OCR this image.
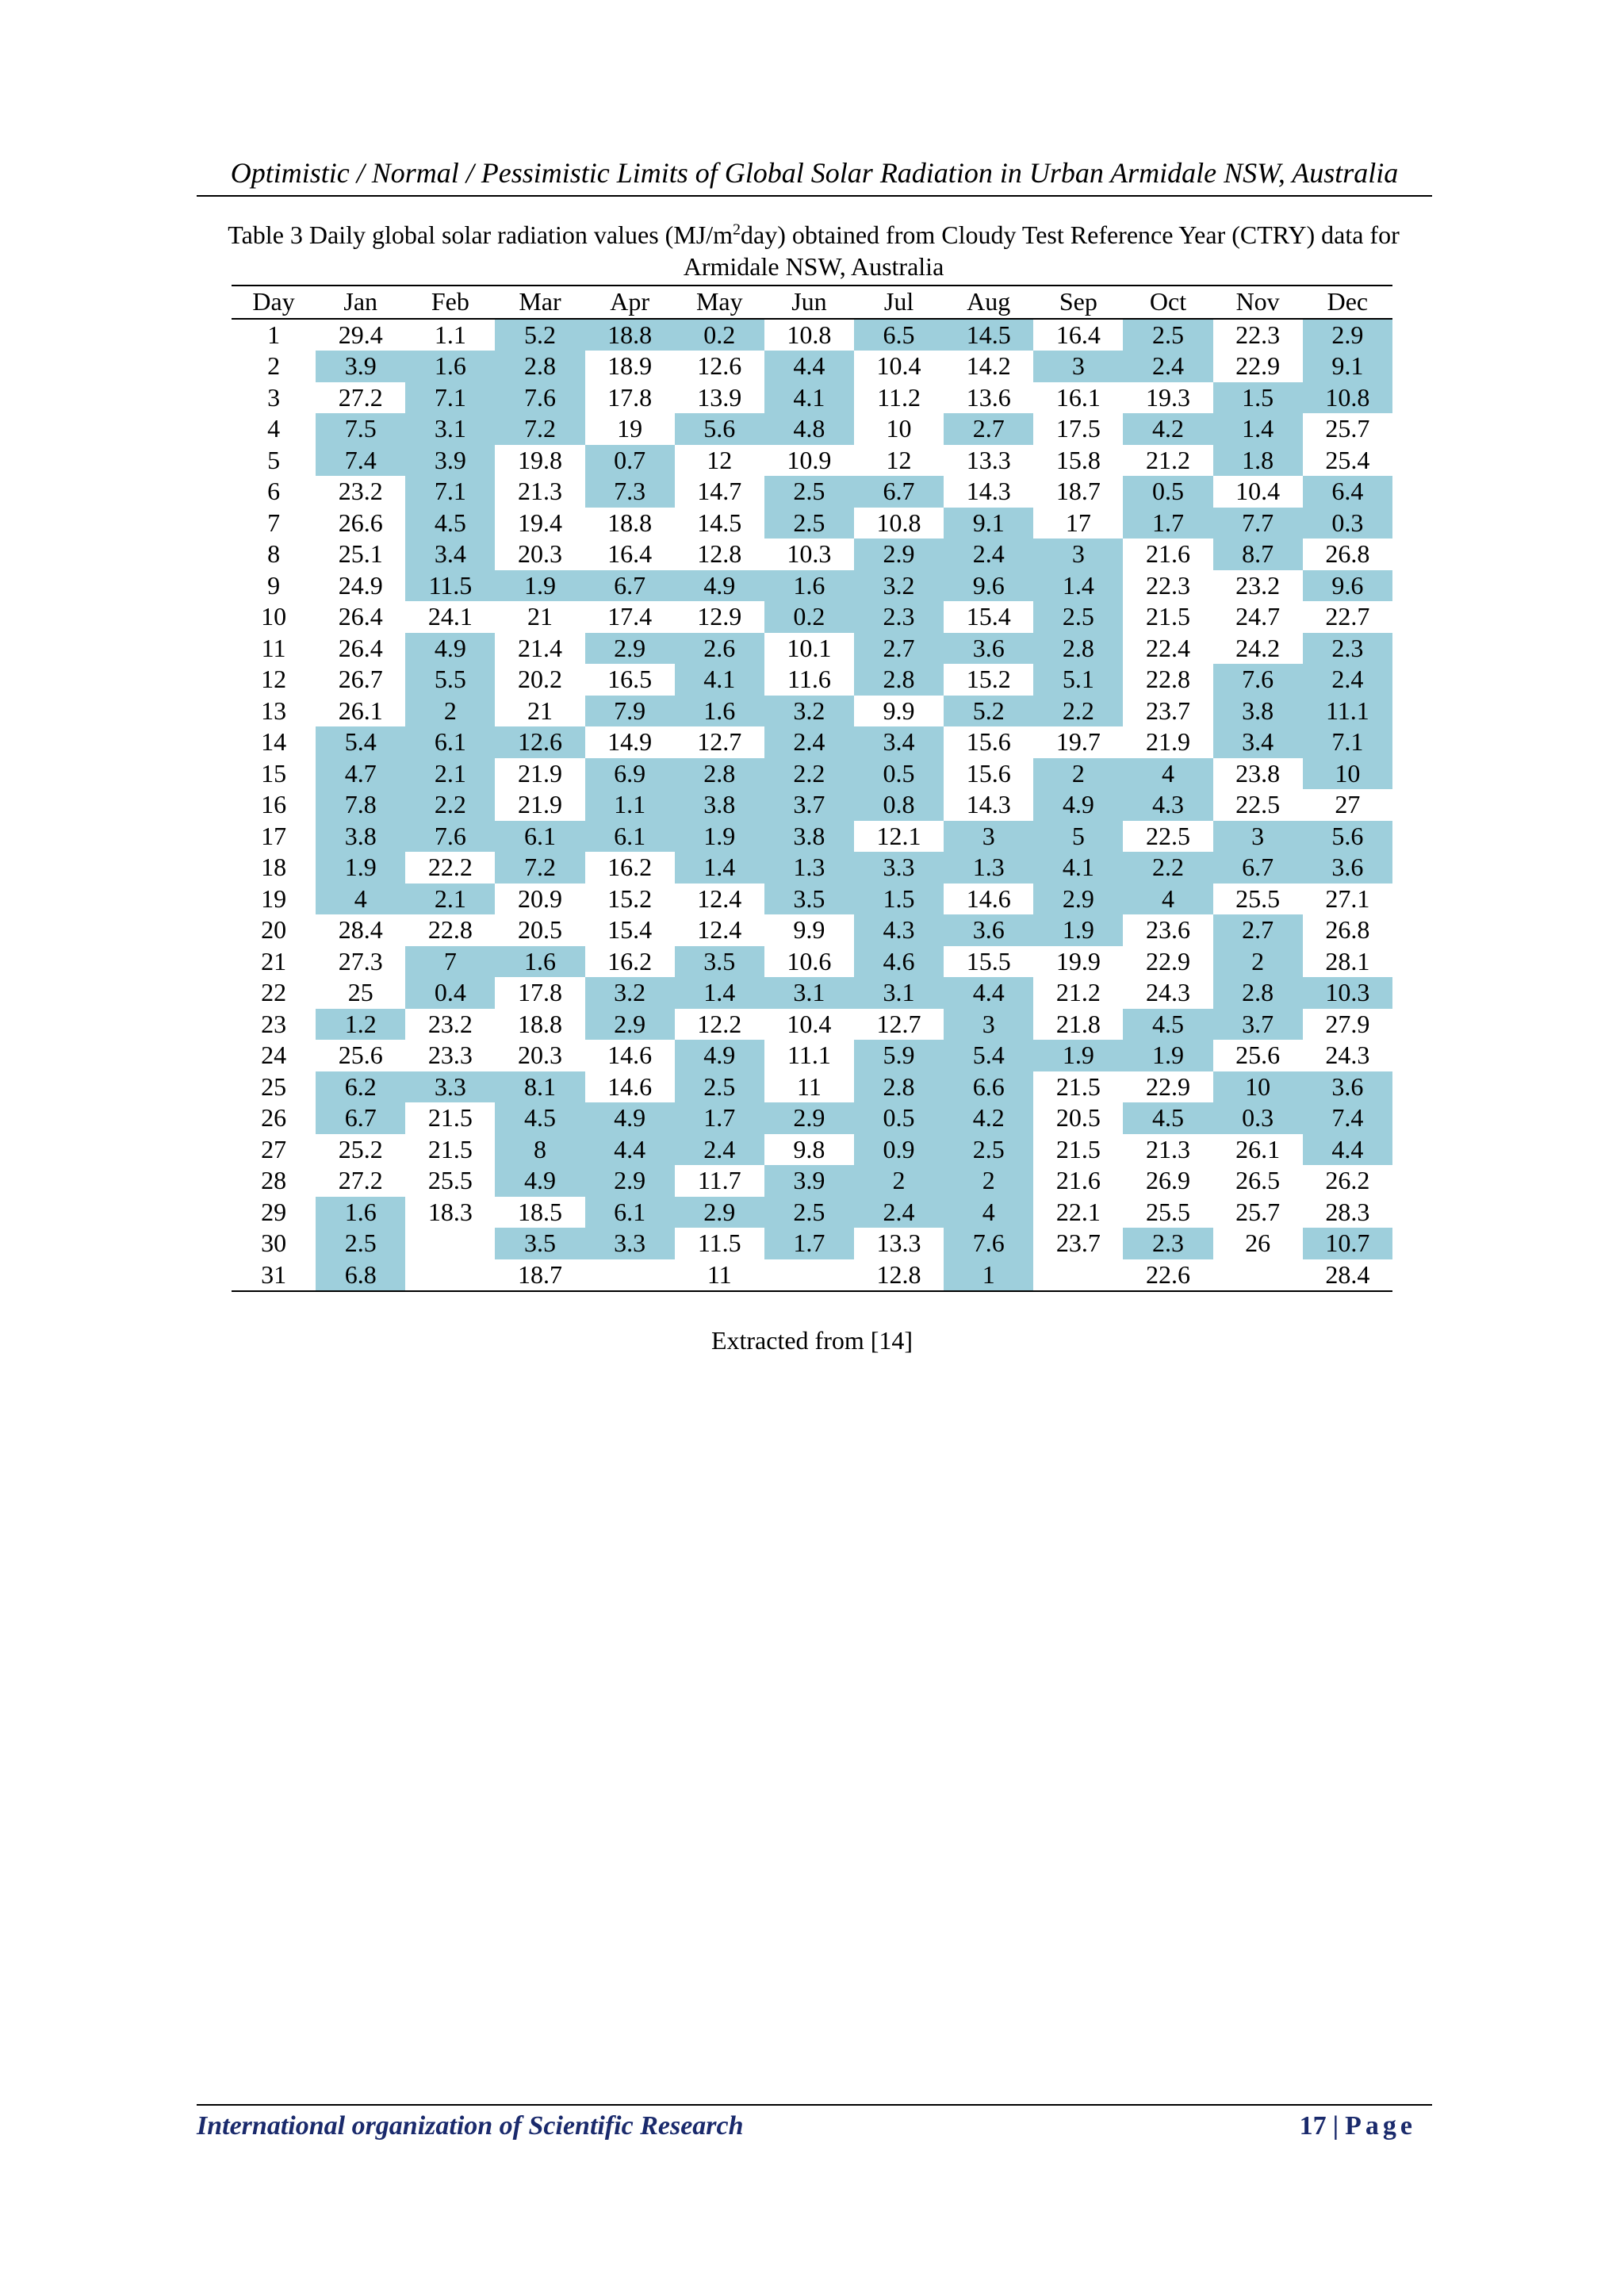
Optimistic / Normal / Pessimistic Limits of Global Solar Radiation in Urban Armidale NSW, Australia
Table 3 Daily global solar radiation values $(MJ/m^2day)$ obtained from Cloudy Test Reference Year (CTRY) data for Armidale NSW, Australia
Day	Jan	Feb	Mar	Apr	May	Jun	Jul	Aug	Sep	Oct	Nov	Dec
1	29.4	1.1	5.2	18.8	0.2	10.8	6.5	14.5	16.4	2.5	22.3	2.9
2	3.9	1.6	2.8	18.9	12.6	4.4	10.4	14.2	3	2.4	22.9	9.1
3	27.2	7.1	7.6	17.8	13.9	4.1	11.2	13.6	16.1	19.3	1.5	10.8
4	7.5	3.1	7.2	19	5.6	4.8	10	2.7	17.5	4.2	1.4	25.7
5	7.4	3.9	19.8	0.7	12	10.9	12	13.3	15.8	21.2	1.8	25.4
6	23.2	7.1	21.3	7.3	14.7	2.5	6.7	14.3	18.7	0.5	10.4	6.4
7	26.6	4.5	19.4	18.8	14.5	2.5	10.8	9.1	17	1.7	7.7	0.3
8	25.1	3.4	20.3	16.4	12.8	10.3	2.9	2.4	3	21.6	8.7	26.8
9	24.9	11.5	1.9	6.7	4.9	1.6	3.2	9.6	1.4	22.3	23.2	9.6
10	26.4	24.1	21	17.4	12.9	0.2	2.3	15.4	2.5	21.5	24.7	22.7
11	26.4	4.9	21.4	2.9	2.6	10.1	2.7	3.6	2.8	22.4	24.2	2.3
12	26.7	5.5	20.2	16.5	4.1	11.6	2.8	15.2	5.1	22.8	7.6	2.4
13	26.1	2	21	7.9	1.6	3.2	9.9	5.2	2.2	23.7	3.8	11.1
14	5.4	6.1	12.6	14.9	12.7	2.4	3.4	15.6	19.7	21.9	3.4	7.1
15	4.7	2.1	21.9	6.9	2.8	2.2	0.5	15.6	2	4	23.8	10
16	7.8	2.2	21.9	1.1	3.8	3.7	0.8	14.3	4.9	4.3	22.5	27
17	3.8	7.6	6.1	6.1	1.9	3.8	12.1	3	5	22.5	3	5.6
18	1.9	22.2	7.2	16.2	1.4	1.3	3.3	1.3	4.1	2.2	6.7	3.6
19	4	2.1	20.9	15.2	12.4	3.5	1.5	14.6	2.9	4	25.5	27.1
20	28.4	22.8	20.5	15.4	12.4	9.9	4.3	3.6	1.9	23.6	2.7	26.8
21	27.3	7	1.6	16.2	3.5	10.6	4.6	15.5	19.9	22.9	2	28.1
22	25	0.4	17.8	3.2	1.4	3.1	3.1	4.4	21.2	24.3	2.8	10.3
23	1.2	23.2	18.8	2.9	12.2	10.4	12.7	3	21.8	4.5	3.7	27.9
24	25.6	23.3	20.3	14.6	4.9	11.1	5.9	5.4	1.9	1.9	25.6	24.3
25	6.2	3.3	8.1	14.6	2.5	11	2.8	6.6	21.5	22.9	10	3.6
26	6.7	21.5	4.5	4.9	1.7	2.9	0.5	4.2	20.5	4.5	0.3	7.4
27	25.2	21.5	8	4.4	2.4	9.8	0.9	2.5	21.5	21.3	26.1	4.4
28	27.2	25.5	4.9	2.9	11.7	3.9	2	2	21.6	26.9	26.5	26.2
29	1.6	18.3	18.5	6.1	2.9	2.5	2.4	4	22.1	25.5	25.7	28.3
30	2.5		3.5	3.3	11.5	1.7	13.3	7.6	23.7	2.3	26	10.7
31	6.8		18.7		11		12.8	1		22.6		28.4
Extracted from [14]
International organization of Scientific Research	17 | Page
